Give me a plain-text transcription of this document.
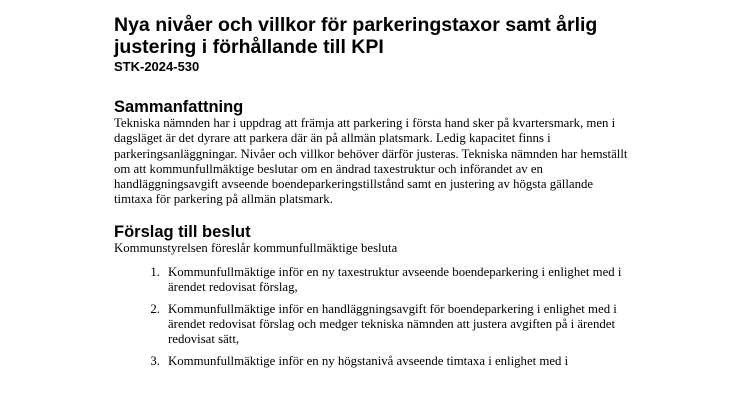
Nya nivåer och villkor för parkeringstaxor samt årlig justering i förhållande till KPI
STK-2024-530
Sammanfattning

Tekniska nämnden har i uppdrag att främja att parkering i första hand sker på kvartersmark, men i dagsläget är det dyrare att parkera där än på allmän platsmark. Ledig kapacitet finns i parkeringsanläggningar. Nivåer och villkor behöver därför justeras. Tekniska nämnden har hemställt om att kommunfullmäktige beslutar om en ändrad taxestruktur och införandet av en handläggningsavgift avseende boendeparkeringstillstånd samt en justering av högsta gällande timtaxa för parkering på allmän platsmark.

Förslag till beslut

Kommunstyrelsen föreslår kommunfullmäktige besluta

1. Kommunfullmäktige inför en ny taxestruktur avseende boendeparkering i enlighet med i ärendet redovisat förslag,
2. Kommunfullmäktige inför en handläggningsavgift för boendeparkering i enlighet med i ärendet redovisat förslag och medger tekniska nämnden att justera avgiften på i ärendet redovisat sätt,
3. Kommunfullmäktige inför en ny högstanivå avseende timtaxa i enlighet med i
